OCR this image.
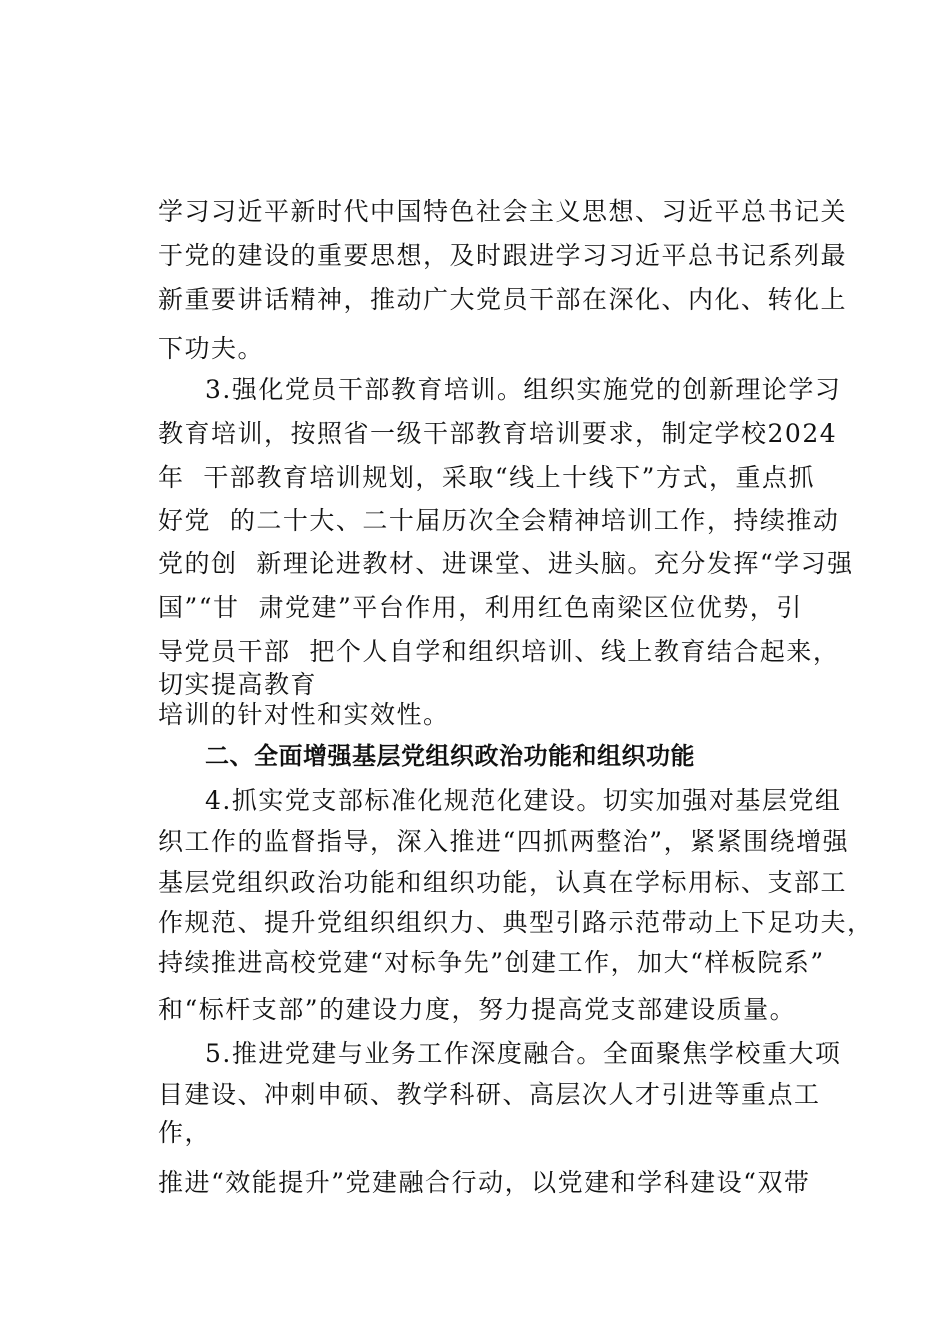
学习习近平新时代中国特色社会主义思想、习近平总书记关

于党的建设的重要思想，及时跟进学习习近平总书记系列最

新重要讲话精神，推动广大党员干部在深化、内化、转化上

下功夫。

3.强化党员干部教育培训。组织实施党的创新理论学习

教育培训，按照省一级干部教育培训要求，制定学校2024

年  干部教育培训规划，采取“线上十线下”方式，重点抓

好党  的二十大、二十届历次全会精神培训工作，持续推动

党的创  新理论进教材、进课堂、进头脑。充分发挥“学习强

国”“甘  肃党建”平台作用，利用红色南梁区位优势，引

导党员干部  把个人自学和组织培训、线上教育结合起来，

切实提高教育

培训的针对性和实效性。

二、全面增强基层党组织政治功能和组织功能

4.抓实党支部标准化规范化建设。切实加强对基层党组

织工作的监督指导，深入推进“四抓两整治”，紧紧围绕增强

基层党组织政治功能和组织功能，认真在学标用标、支部工

作规范、提升党组织组织力、典型引路示范带动上下足功夫，

持续推进高校党建“对标争先”创建工作，加大“样板院系”

和“标杆支部”的建设力度，努力提高党支部建设质量。

5.推进党建与业务工作深度融合。全面聚焦学校重大项

目建设、冲刺申硕、教学科研、高层次人才引进等重点工

作，

推进“效能提升”党建融合行动，以党建和学科建设“双带
